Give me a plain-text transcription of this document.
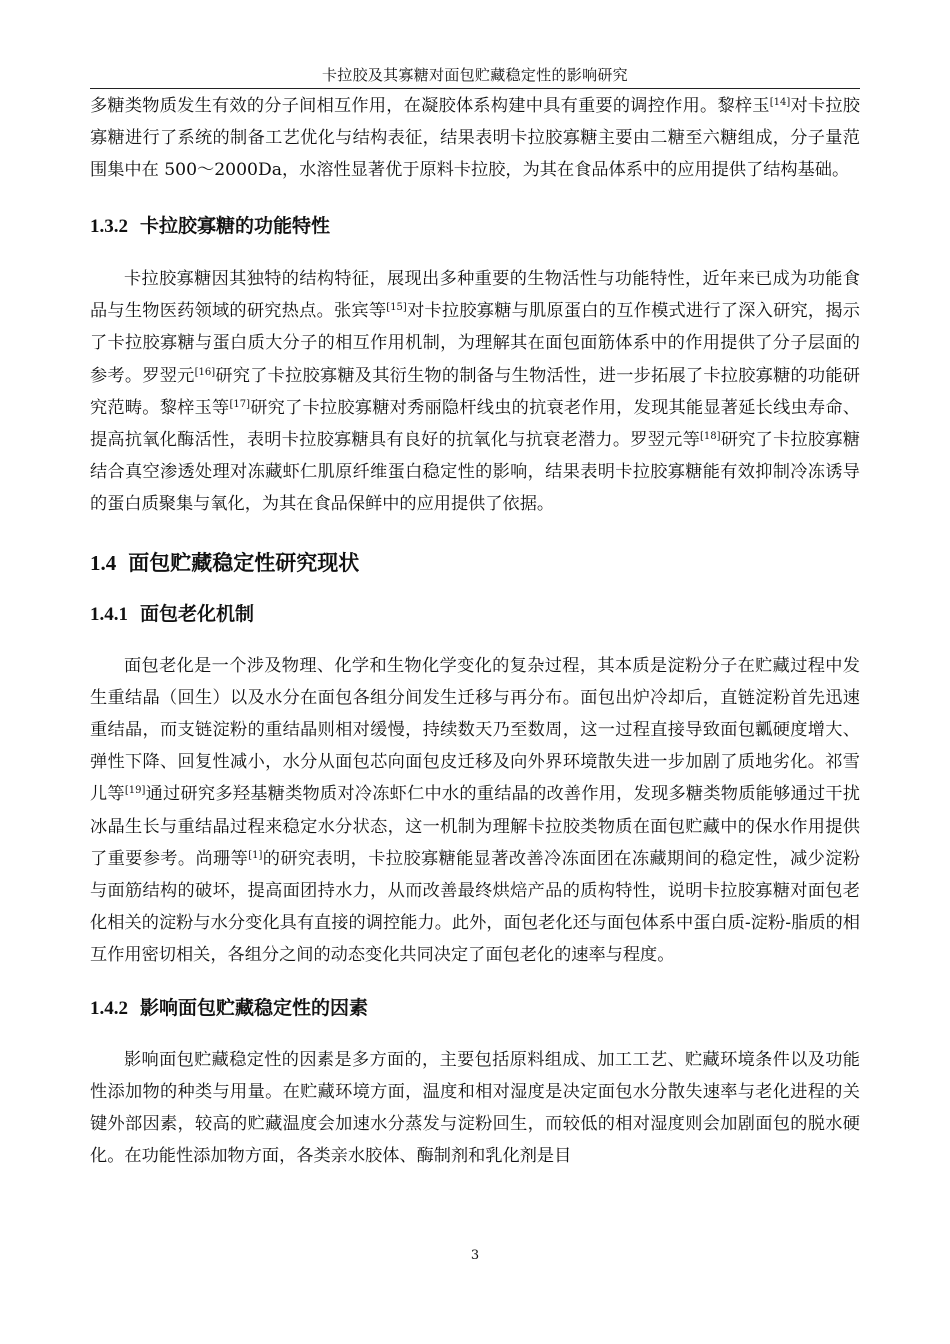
卡拉胶及其寡糖对面包贮藏稳定性的影响研究

多糖类物质发生有效的分子间相互作用，在凝胶体系构建中具有重要的调控作用。黎梓玉[14]对卡拉胶寡糖进行了系统的制备工艺优化与结构表征，结果表明卡拉胶寡糖主要由二糖至六糖组成，分子量范围集中在 500～2000Da，水溶性显著优于原料卡拉胶，为其在食品体系中的应用提供了结构基础。

1.3.2 卡拉胶寡糖的功能特性

卡拉胶寡糖因其独特的结构特征，展现出多种重要的生物活性与功能特性，近年来已成为功能食品与生物医药领域的研究热点。张宾等[15]对卡拉胶寡糖与肌原蛋白的互作模式进行了深入研究，揭示了卡拉胶寡糖与蛋白质大分子的相互作用机制，为理解其在面包面筋体系中的作用提供了分子层面的参考。罗翌元[16]研究了卡拉胶寡糖及其衍生物的制备与生物活性，进一步拓展了卡拉胶寡糖的功能研究范畴。黎梓玉等[17]研究了卡拉胶寡糖对秀丽隐杆线虫的抗衰老作用，发现其能显著延长线虫寿命、提高抗氧化酶活性，表明卡拉胶寡糖具有良好的抗氧化与抗衰老潜力。罗翌元等[18]研究了卡拉胶寡糖结合真空渗透处理对冻藏虾仁肌原纤维蛋白稳定性的影响，结果表明卡拉胶寡糖能有效抑制冷冻诱导的蛋白质聚集与氧化，为其在食品保鲜中的应用提供了依据。

1.4 面包贮藏稳定性研究现状
1.4.1 面包老化机制

面包老化是一个涉及物理、化学和生物化学变化的复杂过程，其本质是淀粉分子在贮藏过程中发生重结晶（回生）以及水分在面包各组分间发生迁移与再分布。面包出炉冷却后，直链淀粉首先迅速重结晶，而支链淀粉的重结晶则相对缓慢，持续数天乃至数周，这一过程直接导致面包瓤硬度增大、弹性下降、回复性减小，水分从面包芯向面包皮迁移及向外界环境散失进一步加剧了质地劣化。祁雪儿等[19]通过研究多羟基糖类物质对冷冻虾仁中水的重结晶的改善作用，发现多糖类物质能够通过干扰冰晶生长与重结晶过程来稳定水分状态，这一机制为理解卡拉胶类物质在面包贮藏中的保水作用提供了重要参考。尚珊等[1]的研究表明，卡拉胶寡糖能显著改善冷冻面团在冻藏期间的稳定性，减少淀粉与面筋结构的破坏，提高面团持水力，从而改善最终烘焙产品的质构特性，说明卡拉胶寡糖对面包老化相关的淀粉与水分变化具有直接的调控能力。此外，面包老化还与面包体系中蛋白质-淀粉-脂质的相互作用密切相关，各组分之间的动态变化共同决定了面包老化的速率与程度。

1.4.2 影响面包贮藏稳定性的因素

影响面包贮藏稳定性的因素是多方面的，主要包括原料组成、加工工艺、贮藏环境条件以及功能性添加物的种类与用量。在贮藏环境方面，温度和相对湿度是决定面包水分散失速率与老化进程的关键外部因素，较高的贮藏温度会加速水分蒸发与淀粉回生，而较低的相对湿度则会加剧面包的脱水硬化。在功能性添加物方面，各类亲水胶体、酶制剂和乳化剂是目

3
